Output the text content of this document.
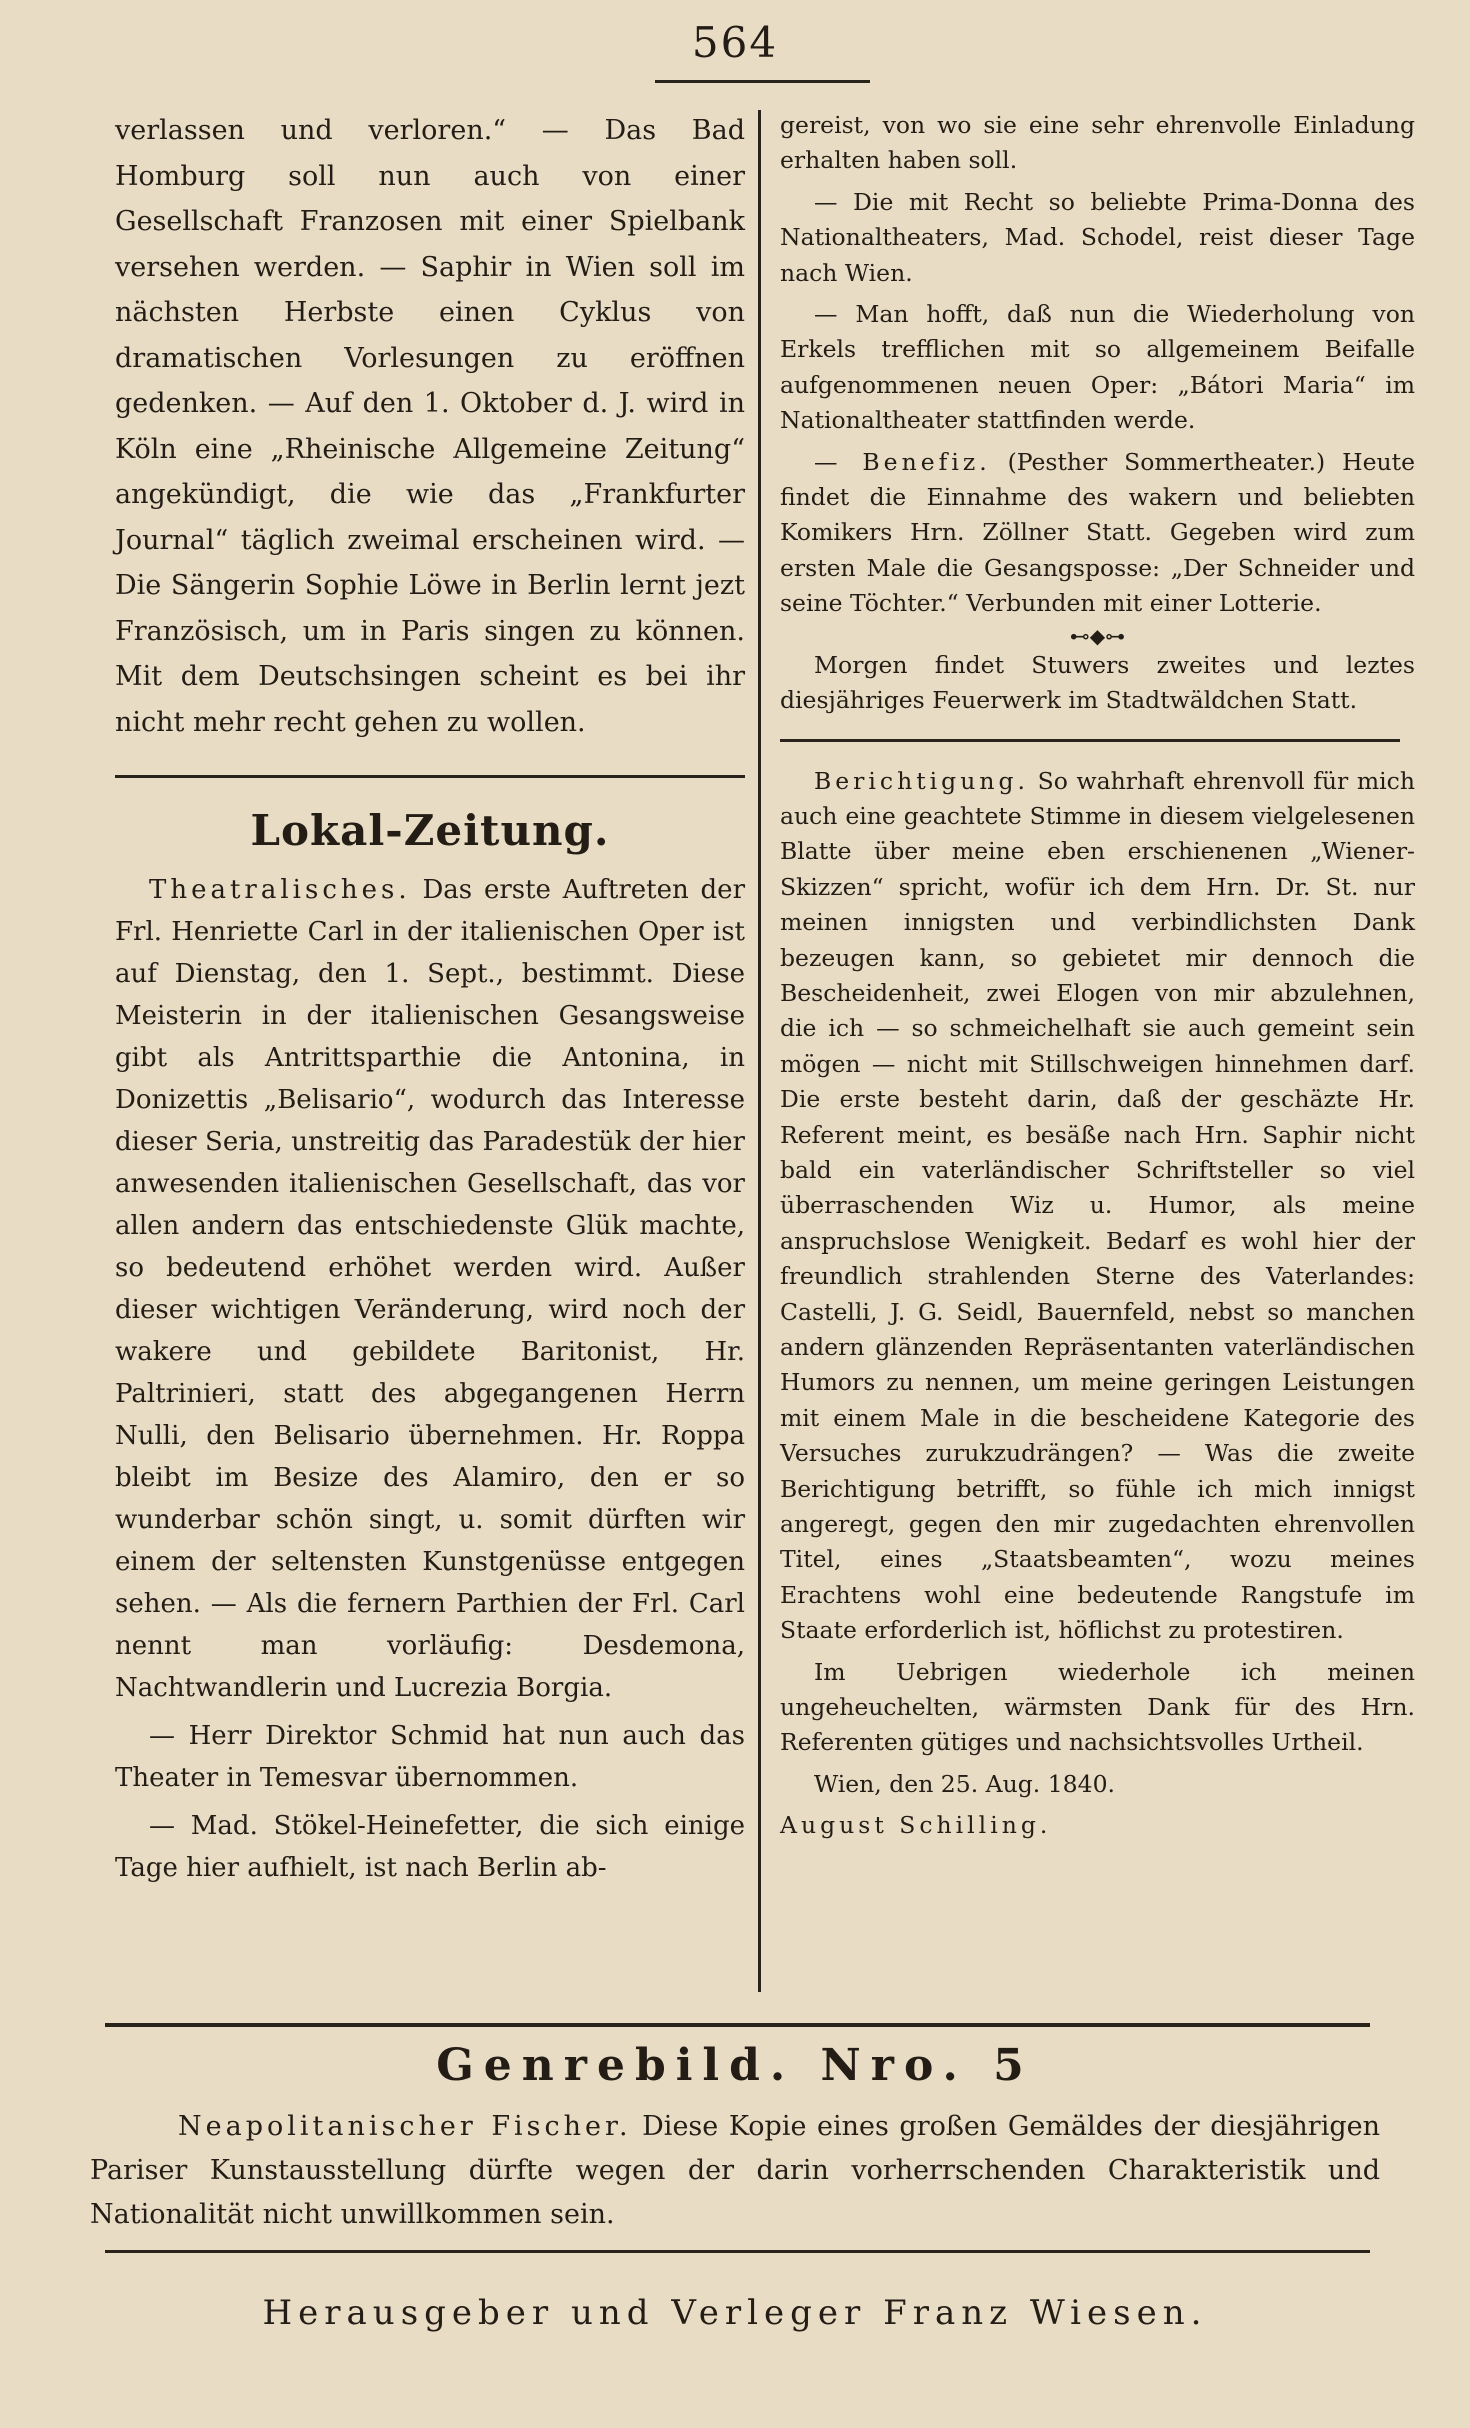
564

verlassen und verloren.“ — Das Bad Homburg soll nun auch von einer Gesellschaft Franzosen mit einer Spielbank versehen werden. — Saphir in Wien soll im nächsten Herbste einen Cyklus von dramatischen Vorlesungen zu eröffnen gedenken. — Auf den 1. Oktober d. J. wird in Köln eine „Rheinische Allgemeine Zeitung“ angekündigt, die wie das „Frankfurter Journal“ täglich zweimal erscheinen wird. — Die Sängerin Sophie Löwe in Berlin lernt jezt Französisch, um in Paris singen zu können. Mit dem Deutschsingen scheint es bei ihr nicht mehr recht gehen zu wollen.

Lokal-Zeitung.

Theatralisches. Das erste Auftreten der Frl. Henriette Carl in der italienischen Oper ist auf Dienstag, den 1. Sept., bestimmt. Diese Meisterin in der italienischen Gesangsweise gibt als Antrittsparthie die Antonina, in Donizettis „Belisario“, wodurch das Interesse dieser Seria, unstreitig das Paradestük der hier anwesenden italienischen Gesellschaft, das vor allen andern das entschiedenste Glük machte, so bedeutend erhöhet werden wird. Außer dieser wichtigen Veränderung, wird noch der wakere und gebildete Baritonist, Hr. Paltrinieri, statt des abgegangenen Herrn Nulli, den Belisario übernehmen. Hr. Roppa bleibt im Besize des Alamiro, den er so wunderbar schön singt, u. somit dürften wir einem der seltensten Kunstgenüsse entgegen sehen. — Als die fernern Parthien der Frl. Carl nennt man vorläufig: Desdemona, Nachtwandlerin und Lucrezia Borgia.

— Herr Direktor Schmid hat nun auch das Theater in Temesvar übernommen.

— Mad. Stökel-Heinefetter, die sich einige Tage hier aufhielt, ist nach Berlin ab-

gereist, von wo sie eine sehr ehrenvolle Einladung erhalten haben soll.

— Die mit Recht so beliebte Prima-Donna des Nationaltheaters, Mad. Schodel, reist dieser Tage nach Wien.

— Man hofft, daß nun die Wiederholung von Erkels trefflichen mit so allgemeinem Beifalle aufgenommenen neuen Oper: „Bátori Maria“ im Nationaltheater stattfinden werde.

— Benefiz. (Pesther Sommertheater.) Heute findet die Einnahme des wakern und beliebten Komikers Hrn. Zöllner Statt. Gegeben wird zum ersten Male die Gesangsposse: „Der Schneider und seine Töchter.“ Verbunden mit einer Lotterie.

⊷◆⊶

Morgen findet Stuwers zweites und leztes diesjähriges Feuerwerk im Stadtwäldchen Statt.

Berichtigung. So wahrhaft ehrenvoll für mich auch eine geachtete Stimme in diesem vielgelesenen Blatte über meine eben erschienenen „Wiener-Skizzen“ spricht, wofür ich dem Hrn. Dr. St. nur meinen innigsten und verbindlichsten Dank bezeugen kann, so gebietet mir dennoch die Bescheidenheit, zwei Elogen von mir abzulehnen, die ich — so schmeichelhaft sie auch gemeint sein mögen — nicht mit Stillschweigen hinnehmen darf. Die erste besteht darin, daß der geschäzte Hr. Referent meint, es besäße nach Hrn. Saphir nicht bald ein vaterländischer Schriftsteller so viel überraschenden Wiz u. Humor, als meine anspruchslose Wenigkeit. Bedarf es wohl hier der freundlich strahlenden Sterne des Vaterlandes: Castelli, J. G. Seidl, Bauernfeld, nebst so manchen andern glänzenden Repräsentanten vaterländischen Humors zu nennen, um meine geringen Leistungen mit einem Male in die bescheidene Kategorie des Versuches zurukzudrängen? — Was die zweite Berichtigung betrifft, so fühle ich mich innigst angeregt, gegen den mir zugedachten ehrenvollen Titel, eines „Staatsbeamten“, wozu meines Erachtens wohl eine bedeutende Rangstufe im Staate erforderlich ist, höflichst zu protestiren.

Im Uebrigen wiederhole ich meinen ungeheuchelten, wärmsten Dank für des Hrn. Referenten gütiges und nachsichtsvolles Urtheil.

Wien, den 25. Aug. 1840.

August Schilling.

Genrebild. Nro. 5

Neapolitanischer Fischer. Diese Kopie eines großen Gemäldes der diesjährigen Pariser Kunstausstellung dürfte wegen der darin vorherrschenden Charakteristik und Nationalität nicht unwillkommen sein.

Herausgeber und Verleger Franz Wiesen.
